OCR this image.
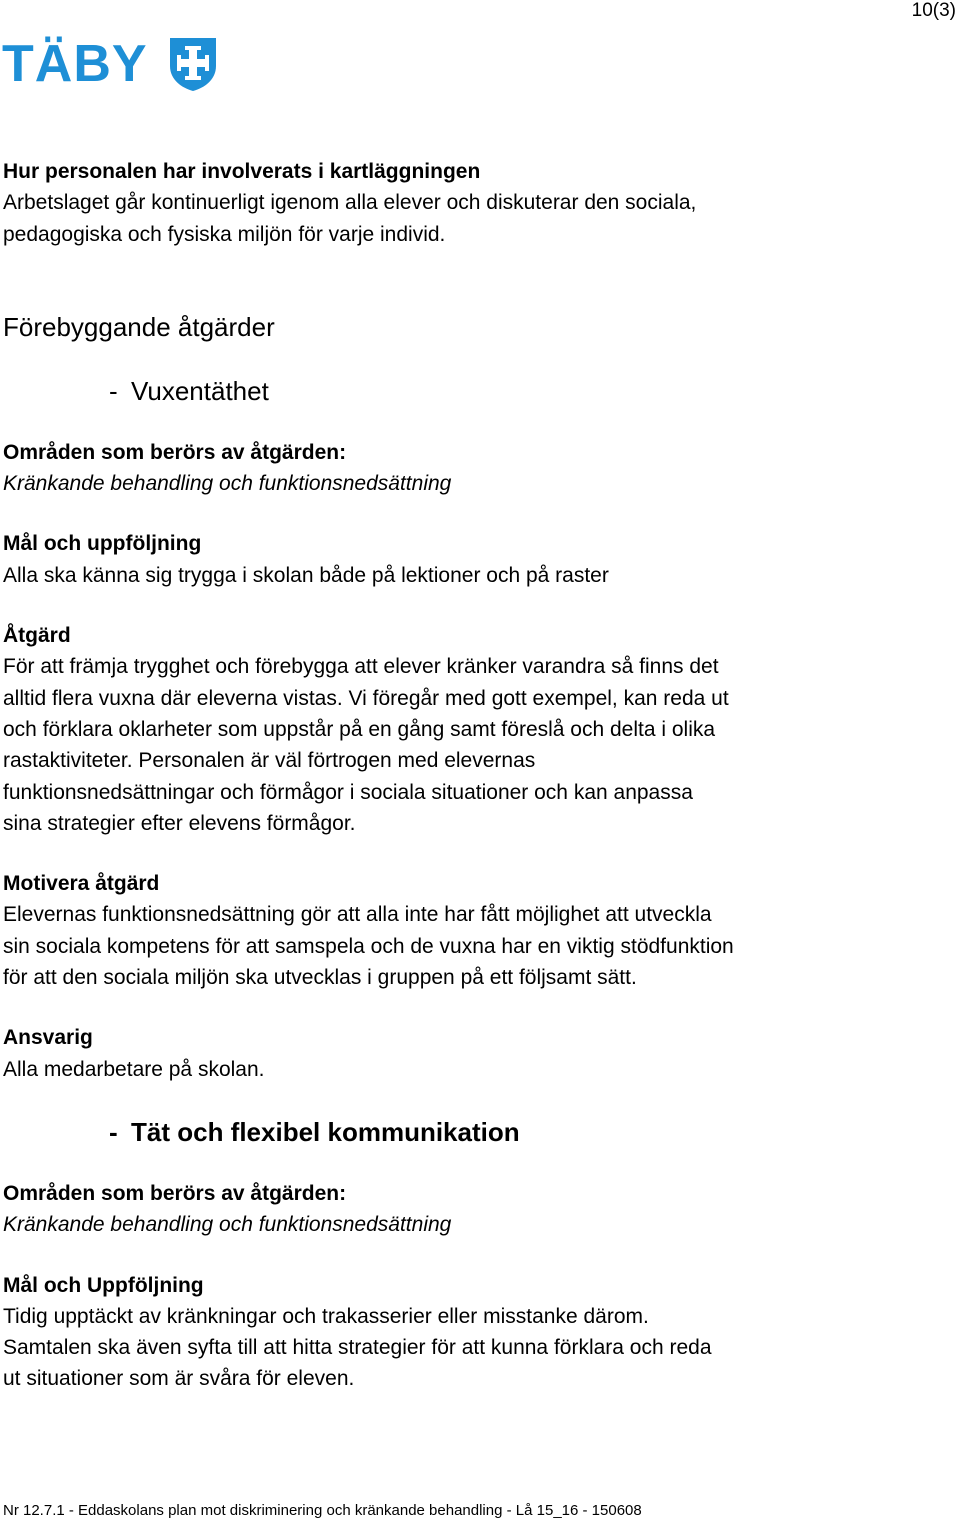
10(3)
TÄBY

Hur personalen har involverats i kartläggningen

Arbetslaget går kontinuerligt igenom alla elever och diskuterar den sociala,

pedagogiska och fysiska miljön för varje individ.

Förebyggande åtgärder

- Vuxentäthet

Områden som berörs av åtgärden:

Kränkande behandling och funktionsnedsättning

Mål och uppföljning

Alla ska känna sig trygga i skolan både på lektioner och på raster

Åtgärd

För att främja trygghet och förebygga att elever kränker varandra så finns det

alltid flera vuxna där eleverna vistas. Vi föregår med gott exempel, kan reda ut

och förklara oklarheter som uppstår på en gång samt föreslå och delta i olika

rastaktiviteter. Personalen är väl förtrogen med elevernas

funktionsnedsättningar och förmågor i sociala situationer och kan anpassa

sina strategier efter elevens förmågor.

Motivera åtgärd

Elevernas funktionsnedsättning gör att alla inte har fått möjlighet att utveckla

sin sociala kompetens för att samspela och de vuxna har en viktig stödfunktion

för att den sociala miljön ska utvecklas i gruppen på ett följsamt sätt.

Ansvarig

Alla medarbetare på skolan.

- Tät och flexibel kommunikation

Områden som berörs av åtgärden:

Kränkande behandling och funktionsnedsättning

Mål och Uppföljning

Tidig upptäckt av kränkningar och trakasserier eller misstanke därom.

Samtalen ska även syfta till att hitta strategier för att kunna förklara och reda

ut situationer som är svåra för eleven.

Nr 12.7.1 - Eddaskolans plan mot diskriminering och kränkande behandling - Lå 15_16 - 150608
